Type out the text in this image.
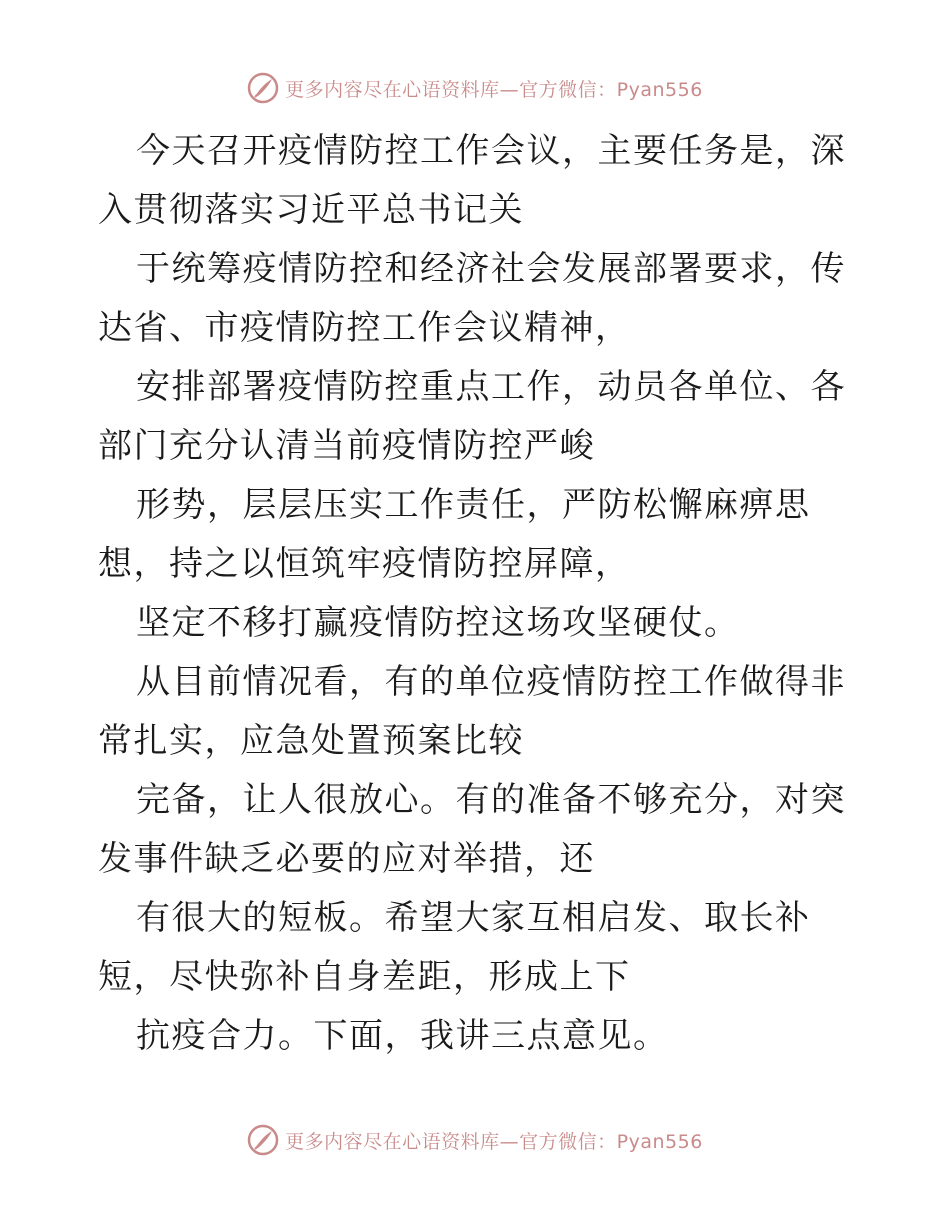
更多内容尽在心语资料库—官方微信：Pyan556

今天召开疫情防控工作会议，主要任务是，深入贯彻落实习近平总书记关

于统筹疫情防控和经济社会发展部署要求，传达省、市疫情防控工作会议精神，

安排部署疫情防控重点工作，动员各单位、各部门充分认清当前疫情防控严峻

形势，层层压实工作责任，严防松懈麻痹思想，持之以恒筑牢疫情防控屏障，

坚定不移打赢疫情防控这场攻坚硬仗。

从目前情况看，有的单位疫情防控工作做得非常扎实，应急处置预案比较

完备，让人很放心。有的准备不够充分，对突发事件缺乏必要的应对举措，还

有很大的短板。希望大家互相启发、取长补短，尽快弥补自身差距，形成上下

抗疫合力。下面，我讲三点意见。

更多内容尽在心语资料库—官方微信：Pyan556
